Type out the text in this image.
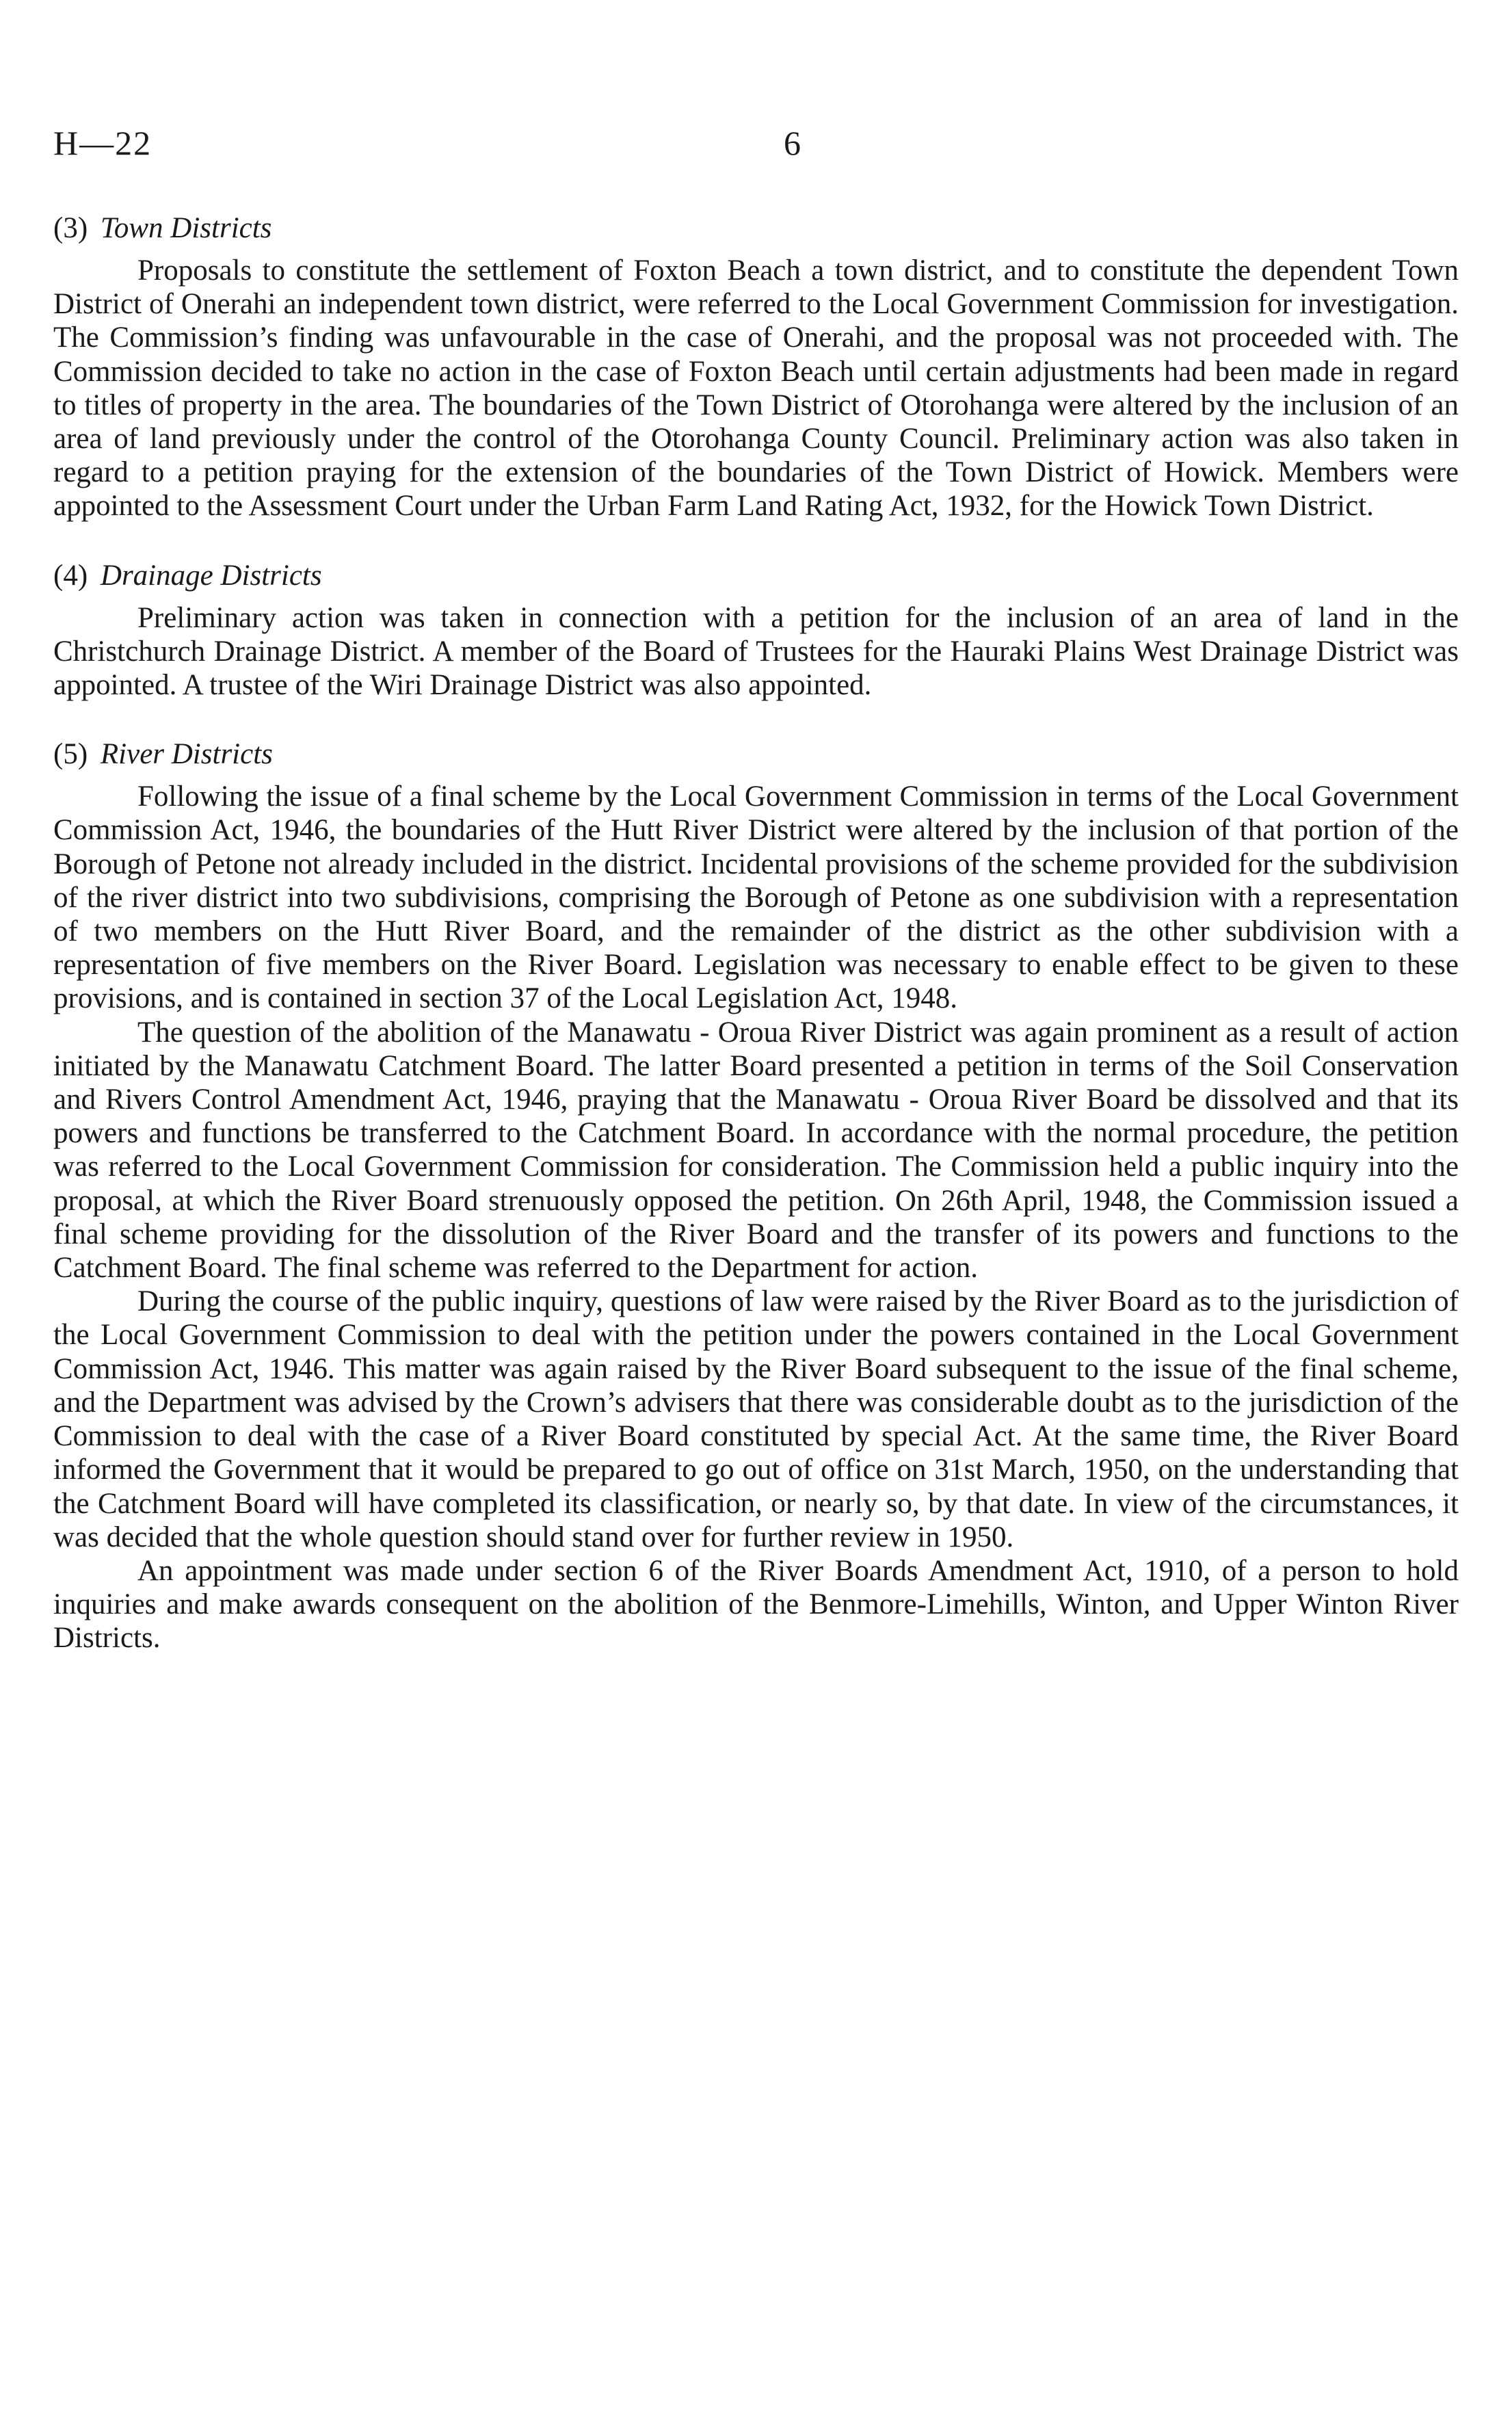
H—22	6
(3) Town Districts

Proposals to constitute the settlement of Foxton Beach a town district, and to constitute the dependent Town District of Onerahi an independent town district, were referred to the Local Government Commission for investigation. The Commission’s finding was unfavourable in the case of Onerahi, and the proposal was not proceeded with. The Commission decided to take no action in the case of Foxton Beach until certain adjustments had been made in regard to titles of property in the area. The boundaries of the Town District of Otorohanga were altered by the inclusion of an area of land previously under the control of the Otorohanga County Council. Preliminary action was also taken in regard to a petition praying for the extension of the boundaries of the Town District of Howick. Members were appointed to the Assessment Court under the Urban Farm Land Rating Act, 1932, for the Howick Town District.

(4) Drainage Districts

Preliminary action was taken in connection with a petition for the inclusion of an area of land in the Christchurch Drainage District. A member of the Board of Trustees for the Hauraki Plains West Drainage District was appointed. A trustee of the Wiri Drainage District was also appointed.

(5) River Districts

Following the issue of a final scheme by the Local Government Commission in terms of the Local Government Commission Act, 1946, the boundaries of the Hutt River District were altered by the inclusion of that portion of the Borough of Petone not already included in the district. Incidental provisions of the scheme provided for the subdivision of the river district into two subdivisions, comprising the Borough of Petone as one subdivision with a representation of two members on the Hutt River Board, and the remainder of the district as the other subdivision with a representation of five members on the River Board. Legislation was necessary to enable effect to be given to these provisions, and is contained in section 37 of the Local Legislation Act, 1948.

The question of the abolition of the Manawatu - Oroua River District was again prominent as a result of action initiated by the Manawatu Catchment Board. The latter Board presented a petition in terms of the Soil Conservation and Rivers Control Amendment Act, 1946, praying that the Manawatu - Oroua River Board be dissolved and that its powers and functions be transferred to the Catchment Board. In accordance with the normal procedure, the petition was referred to the Local Government Commission for consideration. The Commission held a public inquiry into the proposal, at which the River Board strenuously opposed the petition. On 26th April, 1948, the Commission issued a final scheme providing for the dissolution of the River Board and the transfer of its powers and functions to the Catchment Board. The final scheme was referred to the Department for action.

During the course of the public inquiry, questions of law were raised by the River Board as to the jurisdiction of the Local Government Commission to deal with the petition under the powers contained in the Local Government Commission Act, 1946. This matter was again raised by the River Board subsequent to the issue of the final scheme, and the Department was advised by the Crown’s advisers that there was considerable doubt as to the jurisdiction of the Commission to deal with the case of a River Board constituted by special Act. At the same time, the River Board informed the Government that it would be prepared to go out of office on 31st March, 1950, on the understanding that the Catchment Board will have completed its classification, or nearly so, by that date. In view of the circumstances, it was decided that the whole question should stand over for further review in 1950.

An appointment was made under section 6 of the River Boards Amendment Act, 1910, of a person to hold inquiries and make awards consequent on the abolition of the Benmore-Limehills, Winton, and Upper Winton River Districts.
